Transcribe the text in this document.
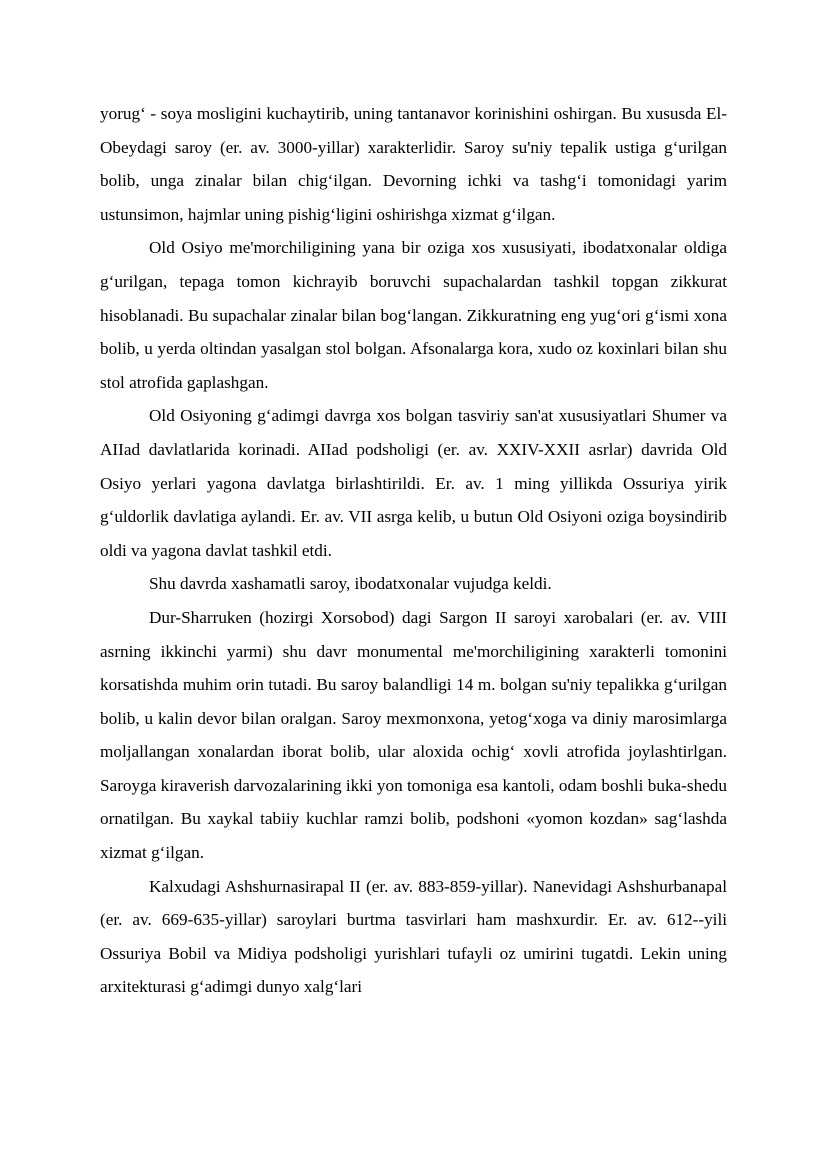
yorug‘ - soya mosligini kuchaytirib, uning tantanavor korinishini oshirgan. Bu xususda El-Obeydagi saroy (er. av. 3000-yillar) xarakterlidir. Saroy su'niy tepalik ustiga g‘urilgan bolib, unga zinalar bilan chig‘ilgan. Devorning ichki va tashg‘i tomonidagi yarim ustunsimon, hajmlar uning pishig‘ligini oshirishga xizmat g‘ilgan.

Old Osiyo me'morchiligining yana bir oziga xos xususiyati, ibodatxonalar oldiga g‘urilgan, tepaga tomon kichrayib boruvchi supachalardan tashkil topgan zikkurat hisoblanadi. Bu supachalar zinalar bilan bog‘langan. Zikkuratning eng yug‘ori g‘ismi xona bolib, u yerda oltindan yasalgan stol bolgan. Afsonalarga kora, xudo oz koxinlari bilan shu stol atrofida gaplashgan.

Old Osiyoning g‘adimgi davrga xos bolgan tasviriy san'at xususiyatlari Shumer va AIIad davlatlarida korinadi. AIIad podsholigi (er. av. XXIV-XXII asrlar) davrida Old Osiyo yerlari yagona davlatga birlashtirildi. Er. av. 1 ming yillikda Ossuriya yirik g‘uldorlik davlatiga aylandi. Er. av. VII asrga kelib, u butun Old Osiyoni oziga boysindirib oldi va yagona davlat tashkil etdi.

Shu davrda xashamatli saroy, ibodatxonalar vujudga keldi.

Dur-Sharruken (hozirgi Xorsobod) dagi Sargon II saroyi xarobalari (er. av. VIII asrning ikkinchi yarmi) shu davr monumental me'morchiligining xarakterli tomonini korsatishda muhim orin tutadi. Bu saroy balandligi 14 m. bolgan su'niy tepalikka g‘urilgan bolib, u kalin devor bilan oralgan. Saroy mexmonxona, yetog‘xoga va diniy marosimlarga moljallangan xonalardan iborat bolib, ular aloxida ochig‘ xovli atrofida joylashtirlgan. Saroyga kiraverish darvozalarining ikki yon tomoniga esa kantoli, odam boshli buka-shedu ornatilgan. Bu xaykal tabiiy kuchlar ramzi bolib, podshoni «yomon kozdan» sag‘lashda xizmat g‘ilgan.

Kalxudagi Ashshurnasirapal II (er. av. 883-859-yillar). Nanevidagi Ashshurbanapal (er. av. 669-635-yillar) saroylari burtma tasvirlari ham mashxurdir. Er. av. 612--yili Ossuriya Bobil va Midiya podsholigi yurishlari tufayli oz umirini tugatdi. Lekin uning arxitekturasi g‘adimgi dunyo xalg‘lari
